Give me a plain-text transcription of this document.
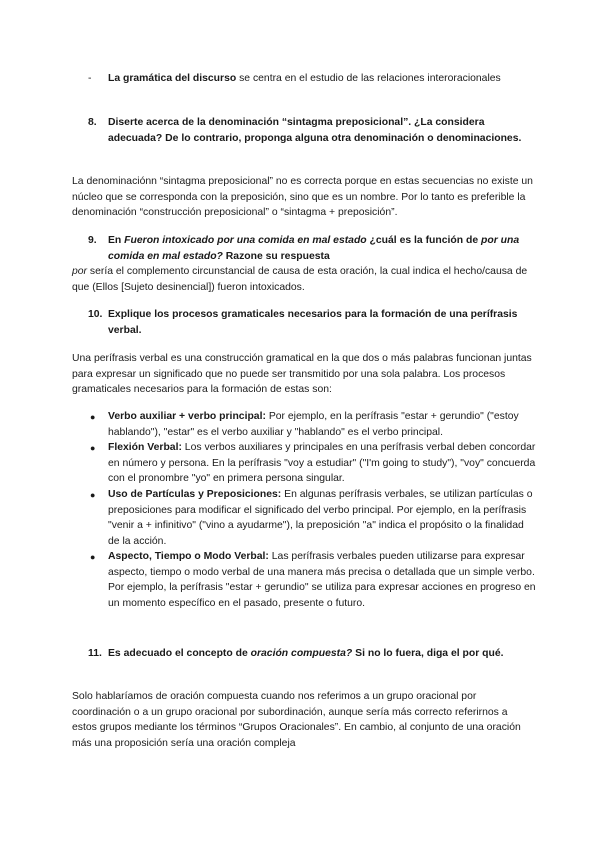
- La gramática del discurso se centra en el estudio de las relaciones interoracionales
8. Diserte acerca de la denominación “sintagma preposicional”. ¿La considera adecuada? De lo contrario, proponga alguna otra denominación o denominaciones.
La denominaciónn “sintagma preposicional” no es correcta porque en estas secuencias no existe un núcleo que se corresponda con la preposición, sino que es un nombre. Por lo tanto es preferible la denominación “construcción preposicional” o “sintagma + preposición”.
9. En Fueron intoxicado por una comida en mal estado ¿cuál es la función de por una comida en mal estado? Razone su respuesta
por sería el complemento circunstancial de causa de esta oración, la cual indica el hecho/causa de que (Ellos [Sujeto desinencial]) fueron intoxicados.
10. Explique los procesos gramaticales necesarios para la formación de una perífrasis verbal.
Una perífrasis verbal es una construcción gramatical en la que dos o más palabras funcionan juntas para expresar un significado que no puede ser transmitido por una sola palabra. Los procesos gramaticales necesarios para la formación de estas son:
● Verbo auxiliar + verbo principal: Por ejemplo, en la perífrasis "estar + gerundio" ("estoy hablando"), "estar" es el verbo auxiliar y "hablando" es el verbo principal.
● Flexión Verbal: Los verbos auxiliares y principales en una perífrasis verbal deben concordar en número y persona. En la perífrasis "voy a estudiar" ("I'm going to study"), "voy" concuerda con el pronombre "yo" en primera persona singular.
● Uso de Partículas y Preposiciones: En algunas perífrasis verbales, se utilizan partículas o preposiciones para modificar el significado del verbo principal. Por ejemplo, en la perífrasis "venir a + infinitivo" ("vino a ayudarme"), la preposición "a" indica el propósito o la finalidad de la acción.
● Aspecto, Tiempo o Modo Verbal: Las perífrasis verbales pueden utilizarse para expresar aspecto, tiempo o modo verbal de una manera más precisa o detallada que un simple verbo. Por ejemplo, la perífrasis "estar + gerundio" se utiliza para expresar acciones en progreso en un momento específico en el pasado, presente o futuro.
11. Es adecuado el concepto de oración compuesta? Si no lo fuera, diga el por qué.
Solo hablaríamos de oración compuesta cuando nos referimos a un grupo oracional por coordinación o a un grupo oracional por subordinación, aunque sería más correcto referirnos a estos grupos mediante los términos “Grupos Oracionales”. En cambio, al conjunto de una oración más una proposición sería una oración compleja
